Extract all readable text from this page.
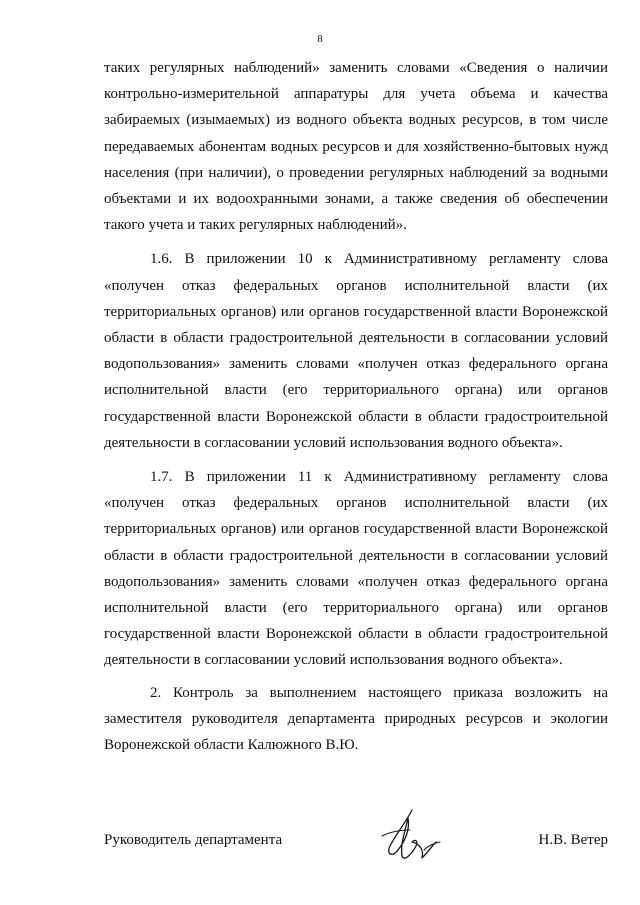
8

таких регулярных наблюдений» заменить словами «Сведения о наличии контрольно-измерительной аппаратуры для учета объема и качества забираемых (изымаемых) из водного объекта водных ресурсов, в том числе передаваемых абонентам водных ресурсов и для хозяйственно-бытовых нужд населения (при наличии), о проведении регулярных наблюдений за водными объектами и их водоохранными зонами, а также сведения об обеспечении такого учета и таких регулярных наблюдений».

1.6. В приложении 10 к Административному регламенту слова «получен отказ федеральных органов исполнительной власти (их территориальных органов) или органов государственной власти Воронежской области в области градостроительной деятельности в согласовании условий водопользования» заменить словами «получен отказ федерального органа исполнительной власти (его территориального органа) или органов государственной власти Воронежской области в области градостроительной деятельности в согласовании условий использования водного объекта».

1.7. В приложении 11 к Административному регламенту слова «получен отказ федеральных органов исполнительной власти (их территориальных органов) или органов государственной власти Воронежской области в области градостроительной деятельности в согласовании условий водопользования» заменить словами «получен отказ федерального органа исполнительной власти (его территориального органа) или органов государственной власти Воронежской области в области градостроительной деятельности в согласовании условий использования водного объекта».

2. Контроль за выполнением настоящего приказа возложить на заместителя руководителя департамента природных ресурсов и экологии Воронежской области Калюжного В.Ю.

Руководитель департамента	Н.В. Ветер
